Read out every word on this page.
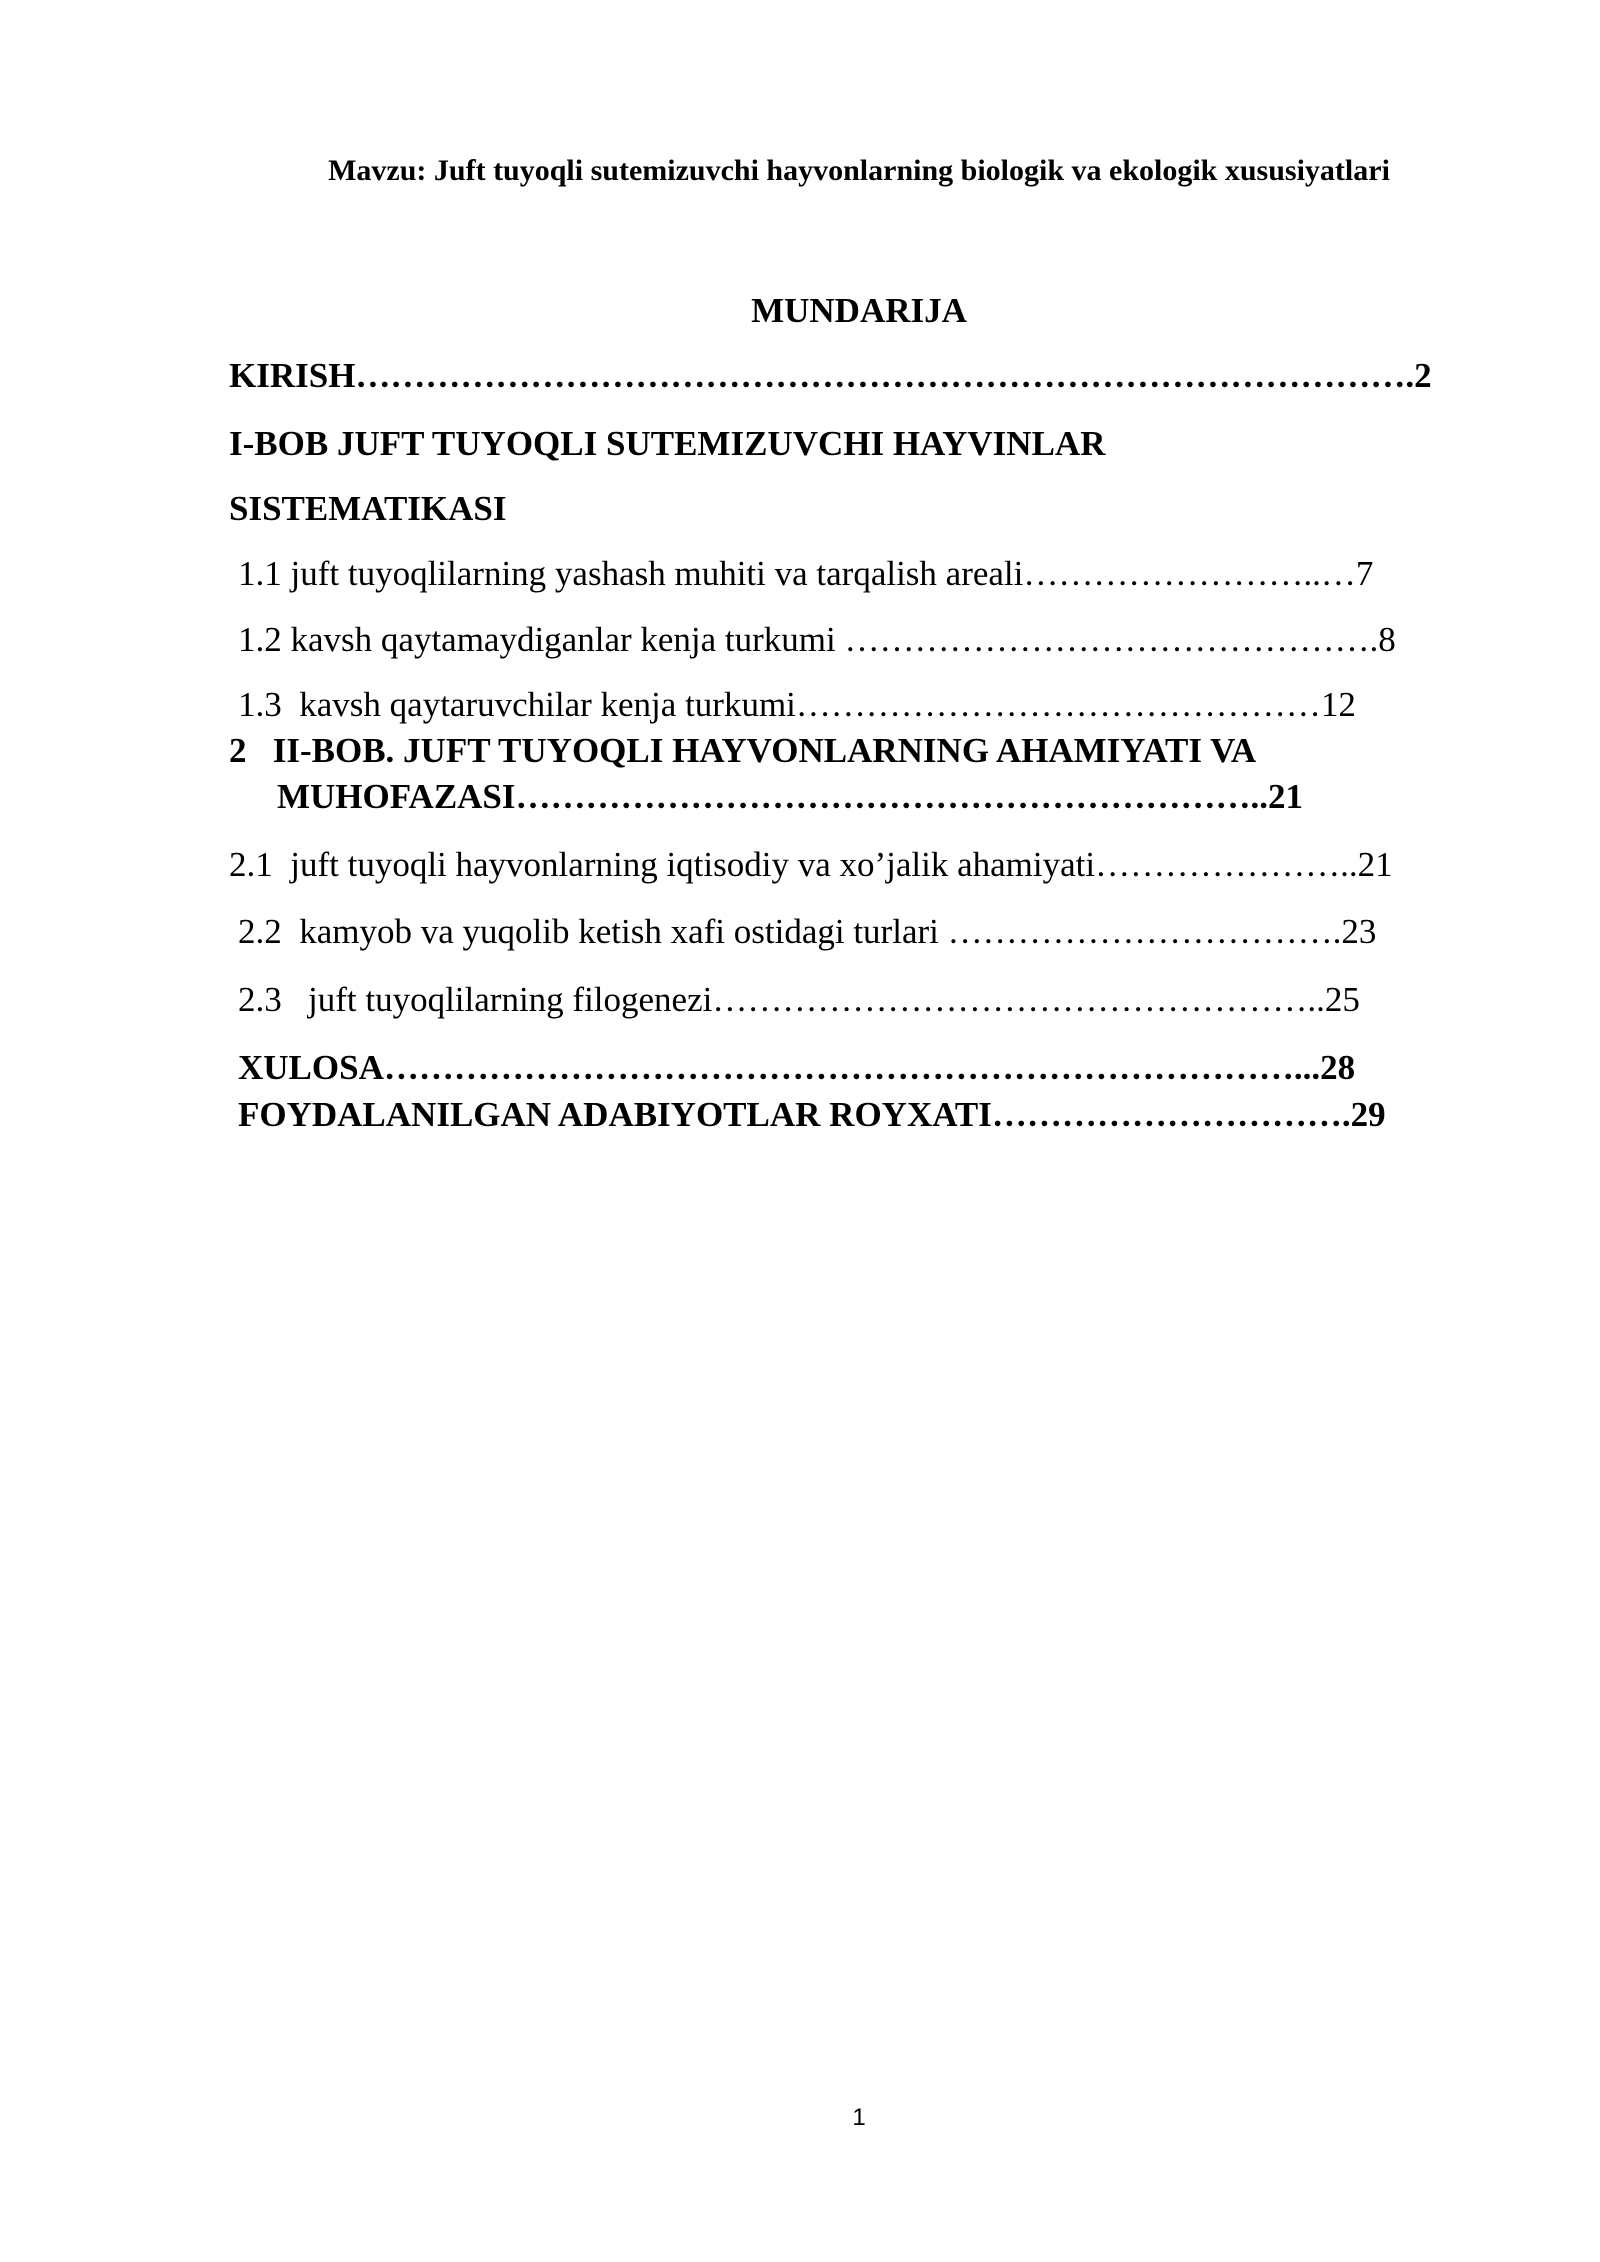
Mavzu: Juft tuyoqli sutemizuvchi hayvonlarning biologik va ekologik xususiyatlari
MUNDARIJA
KIRISH……………………………………………………………………………….2
I-BOB JUFT TUYOQLI SUTEMIZUVCHI HAYVINLAR
SISTEMATIKASI
1.1 juft tuyoqlilarning yashash muhiti va tarqalish areali……………………..…7
1.2 kavsh qaytamaydiganlar kenja turkumi ……………………………………….8
1.3  kavsh qaytaruvchilar kenja turkumi………………………………………12
2   II-BOB. JUFT TUYOQLI HAYVONLARNING AHAMIYATI VA
MUHOFAZASI………………………………………………………..21
2.1  juft tuyoqli hayvonlarning iqtisodiy va xo’jalik ahamiyati…………………..21
2.2  kamyob va yuqolib ketish xafi ostidagi turlari …………………………….23
2.3   juft tuyoqlilarning filogenezi……………………………………………..25
XULOSA……………………………………………………………………...28
FOYDALANILGAN ADABIYOTLAR ROYXATI………………………….29
1
